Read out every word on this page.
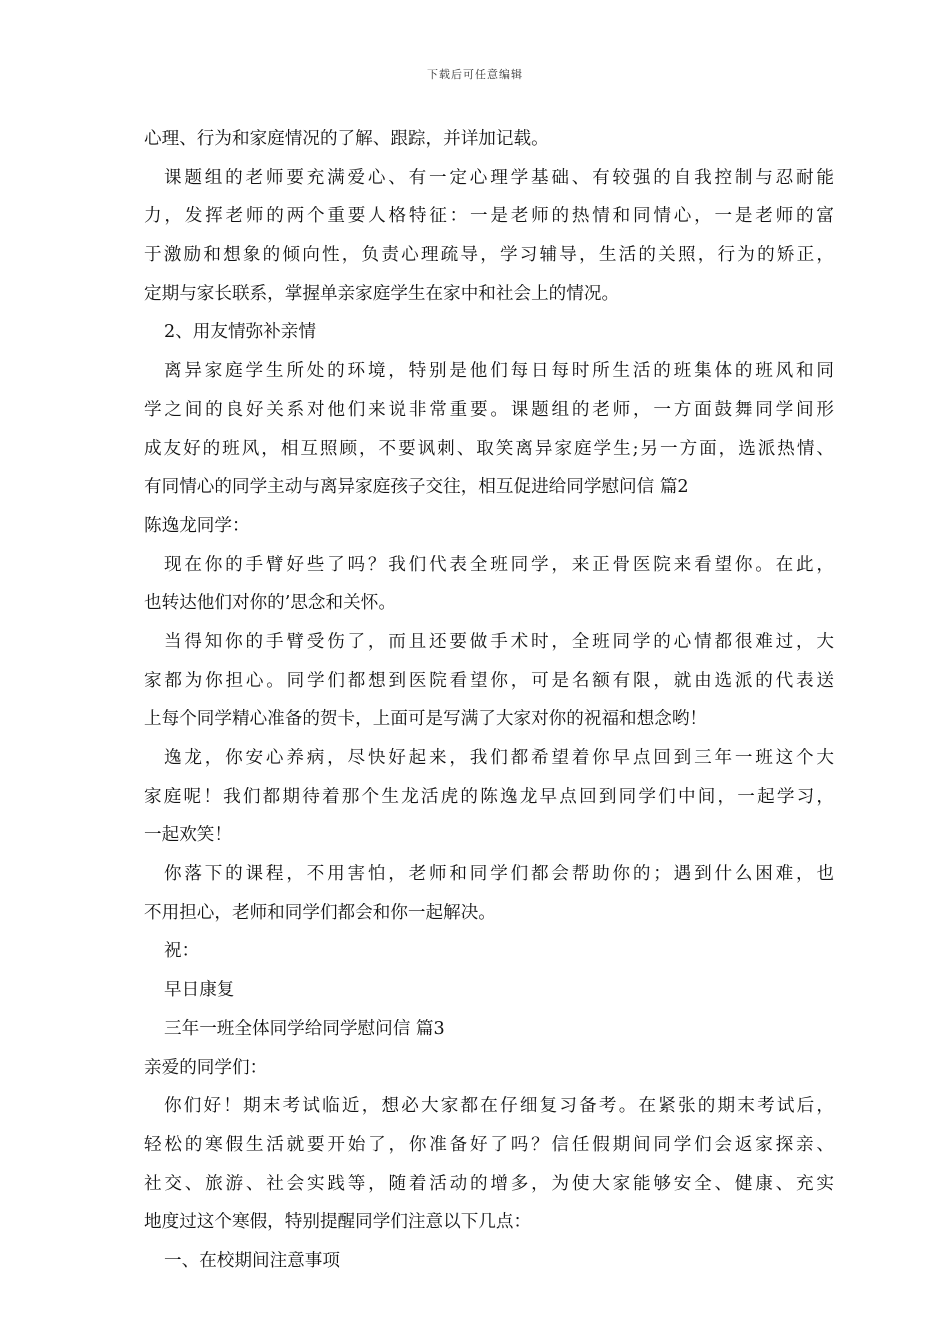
下载后可任意编辑
心理、行为和家庭情况的了解、跟踪，并详加记载。
课题组的老师要充满爱心、有一定心理学基础、有较强的自我控制与忍耐能
力，发挥老师的两个重要人格特征：一是老师的热情和同情心，一是老师的富
于激励和想象的倾向性，负责心理疏导，学习辅导，生活的关照，行为的矫正，
定期与家长联系，掌握单亲家庭学生在家中和社会上的情况。
2、用友情弥补亲情
离异家庭学生所处的环境，特别是他们每日每时所生活的班集体的班风和同
学之间的良好关系对他们来说非常重要。课题组的老师，一方面鼓舞同学间形
成友好的班风，相互照顾，不要讽刺、取笑离异家庭学生;另一方面，选派热情、
有同情心的同学主动与离异家庭孩子交往，相互促进给同学慰问信 篇2
陈逸龙同学：
现在你的手臂好些了吗？我们代表全班同学，来正骨医院来看望你。在此，
也转达他们对你的’思念和关怀。
当得知你的手臂受伤了，而且还要做手术时，全班同学的心情都很难过，大
家都为你担心。同学们都想到医院看望你，可是名额有限，就由选派的代表送
上每个同学精心准备的贺卡，上面可是写满了大家对你的祝福和想念哟！
逸龙，你安心养病，尽快好起来，我们都希望着你早点回到三年一班这个大
家庭呢！我们都期待着那个生龙活虎的陈逸龙早点回到同学们中间，一起学习，
一起欢笑！
你落下的课程，不用害怕，老师和同学们都会帮助你的；遇到什么困难，也
不用担心，老师和同学们都会和你一起解决。
祝：
早日康复
三年一班全体同学给同学慰问信 篇3
亲爱的同学们：
你们好！期末考试临近，想必大家都在仔细复习备考。在紧张的期末考试后，
轻松的寒假生活就要开始了，你准备好了吗？信任假期间同学们会返家探亲、
社交、旅游、社会实践等，随着活动的增多，为使大家能够安全、健康、充实
地度过这个寒假，特别提醒同学们注意以下几点：
一、在校期间注意事项
